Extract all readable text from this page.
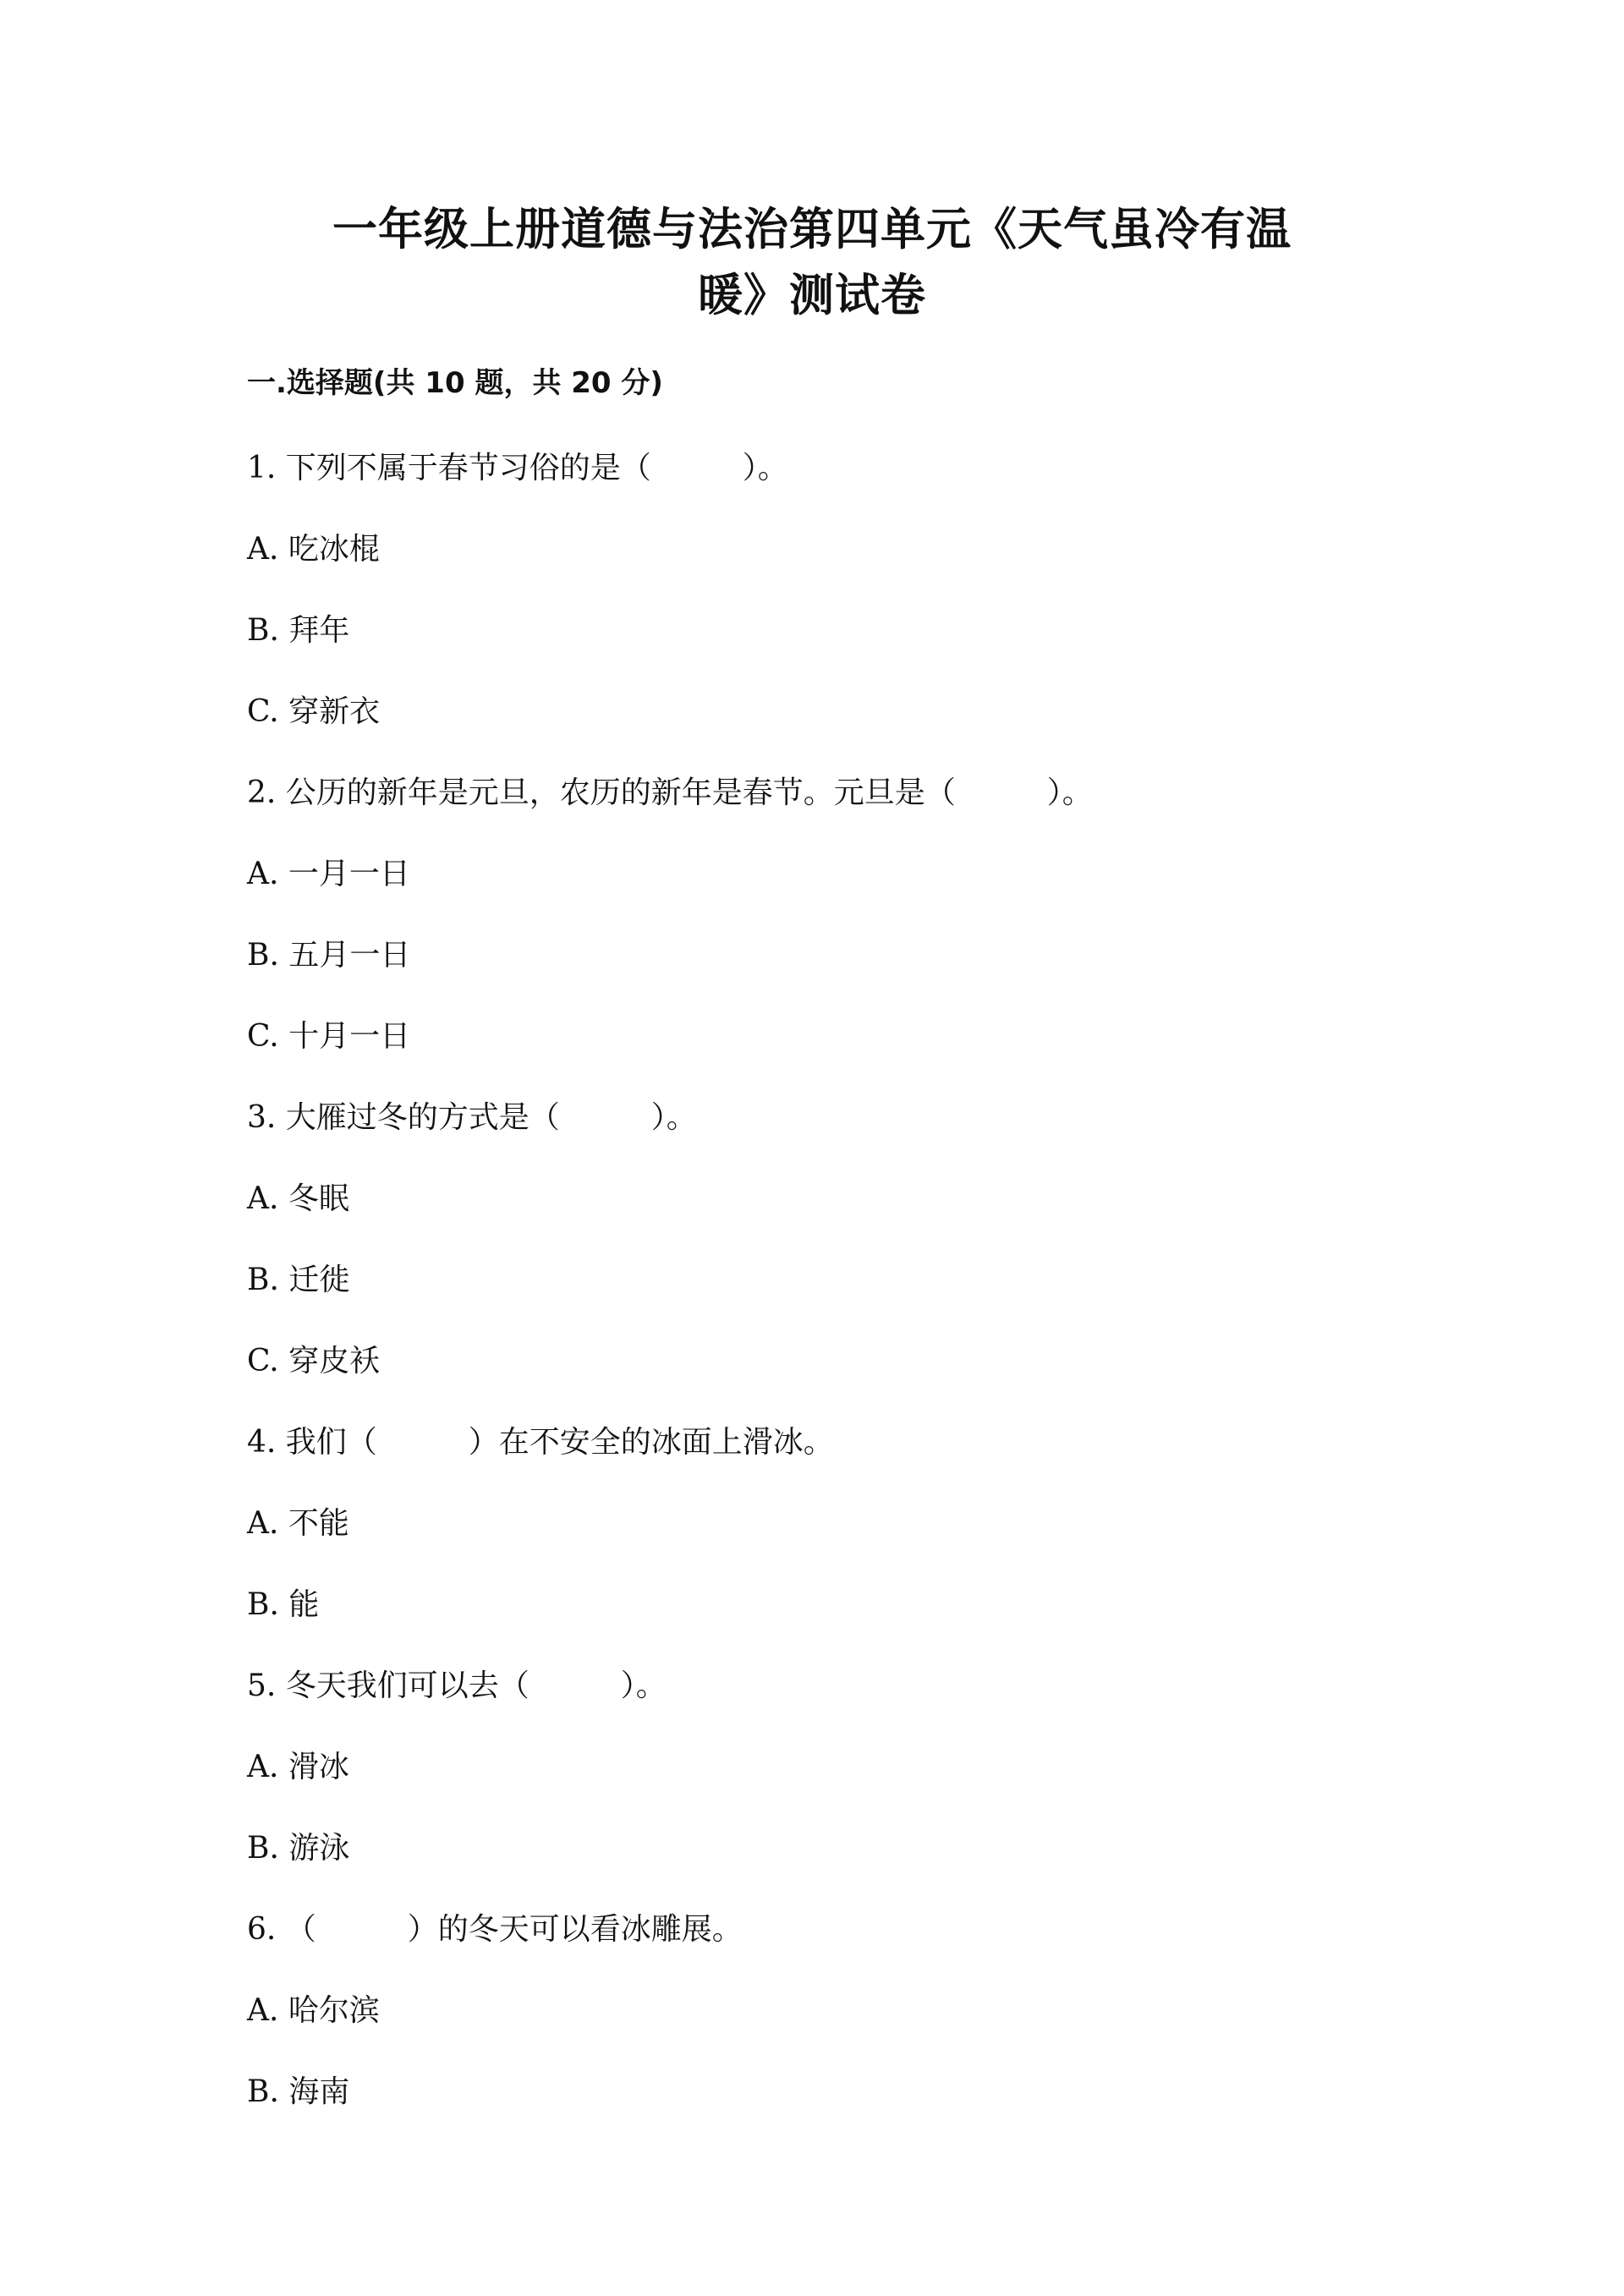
一年级上册道德与法治第四单元《天气虽冷有温
暖》测试卷
一.选择题(共 10 题，共 20 分)
1. 下列不属于春节习俗的是（　　　）。
A. 吃冰棍
B. 拜年
C. 穿新衣
2. 公历的新年是元旦，农历的新年是春节。元旦是（　　　）。
A. 一月一日
B. 五月一日
C. 十月一日
3. 大雁过冬的方式是（　　　）。
A. 冬眠
B. 迁徙
C. 穿皮袄
4. 我们（　　　）在不安全的冰面上滑冰。
A. 不能
B. 能
5. 冬天我们可以去（　　　）。
A. 滑冰
B. 游泳
6. （　　　）的冬天可以看冰雕展。
A. 哈尔滨
B. 海南
